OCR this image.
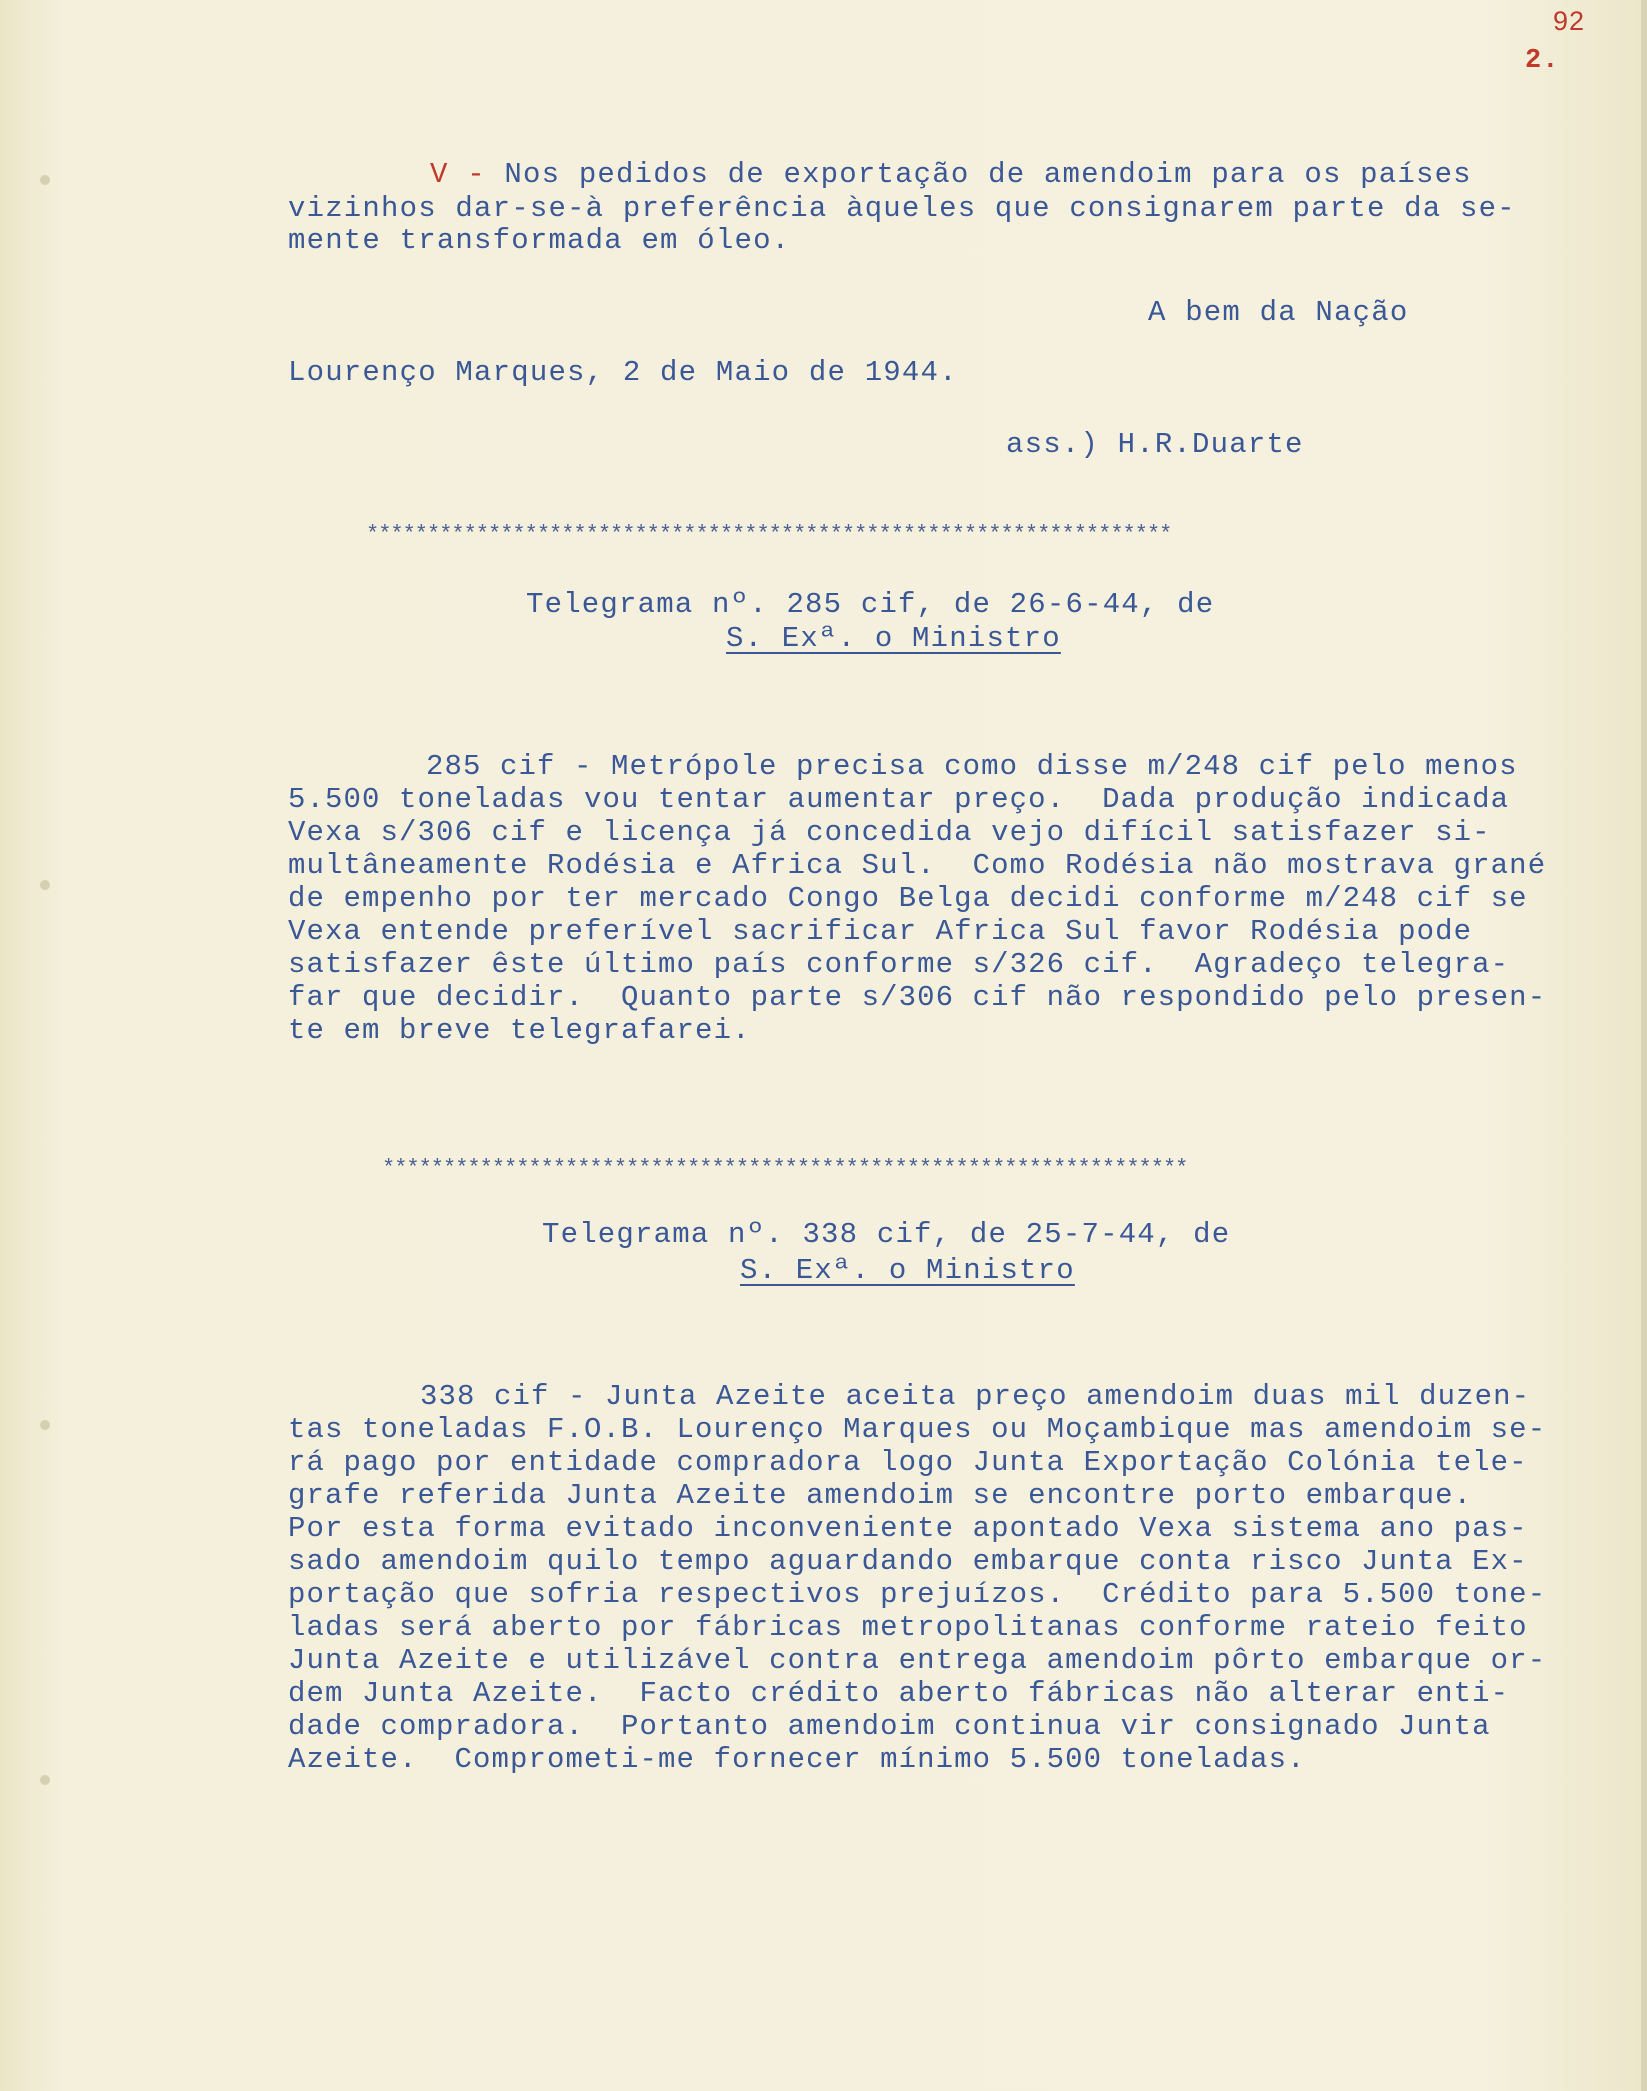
92
2.
V - Nos pedidos de exportação de amendoim para os países
vizinhos dar-se-à preferência àqueles que consignarem parte da se-
mente transformada em óleo.
A bem da Nação
Lourenço Marques, 2 de Maio de 1944.
ass.) H.R.Duarte
******************************************************************
Telegrama nº. 285 cif, de 26-6-44, de
S. Exª. o Ministro
285 cif - Metrópole precisa como disse m/248 cif pelo menos
5.500 toneladas vou tentar aumentar preço.  Dada produção indicada
Vexa s/306 cif e licença já concedida vejo difícil satisfazer si-
multâneamente Rodésia e Africa Sul.  Como Rodésia não mostrava grané
de empenho por ter mercado Congo Belga decidi conforme m/248 cif se
Vexa entende preferível sacrificar Africa Sul favor Rodésia pode
satisfazer êste último país conforme s/326 cif.  Agradeço telegra-
far que decidir.  Quanto parte s/306 cif não respondido pelo presen-
te em breve telegrafarei.
******************************************************************
Telegrama nº. 338 cif, de 25-7-44, de
S. Exª. o Ministro
338 cif - Junta Azeite aceita preço amendoim duas mil duzen-
tas toneladas F.O.B. Lourenço Marques ou Moçambique mas amendoim se-
rá pago por entidade compradora logo Junta Exportação Colónia tele-
grafe referida Junta Azeite amendoim se encontre porto embarque.
Por esta forma evitado inconveniente apontado Vexa sistema ano pas-
sado amendoim quilo tempo aguardando embarque conta risco Junta Ex-
portação que sofria respectivos prejuízos.  Crédito para 5.500 tone-
ladas será aberto por fábricas metropolitanas conforme rateio feito
Junta Azeite e utilizável contra entrega amendoim pôrto embarque or-
dem Junta Azeite.  Facto crédito aberto fábricas não alterar enti-
dade compradora.  Portanto amendoim continua vir consignado Junta
Azeite.  Comprometi-me fornecer mínimo 5.500 toneladas.
